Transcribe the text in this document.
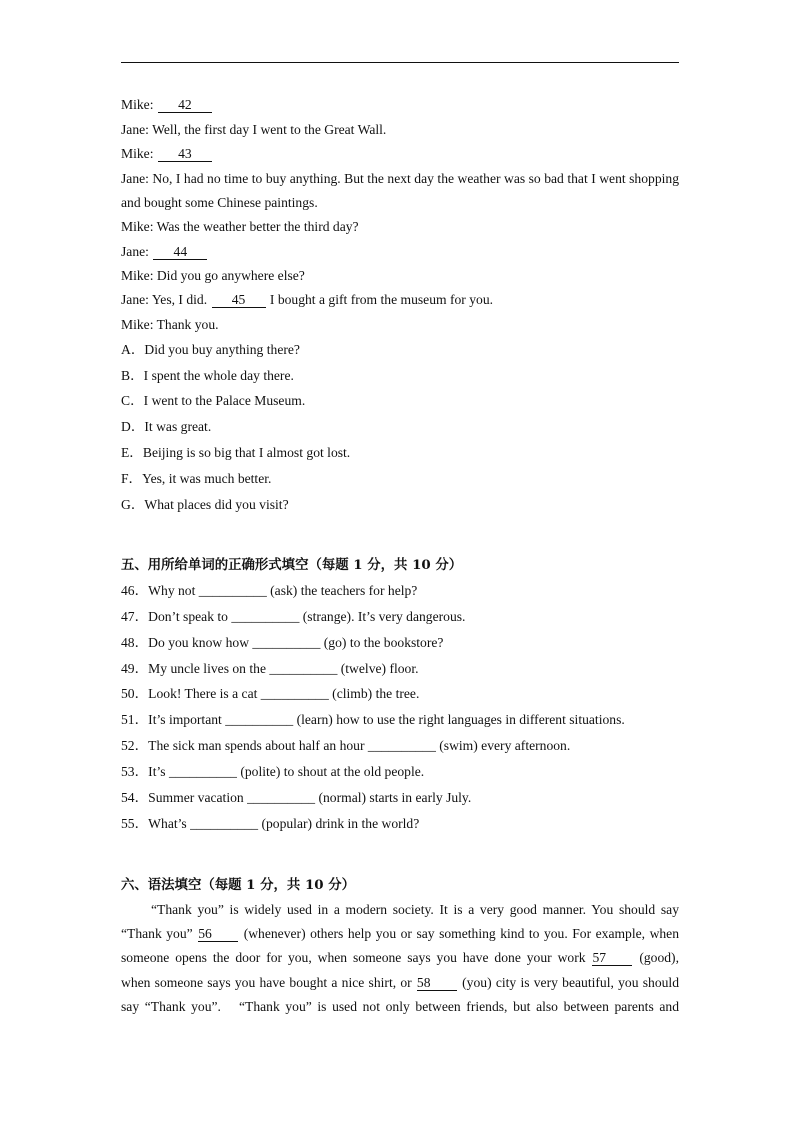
Mike: 42
Jane: Well, the first day I went to the Great Wall.
Mike: 43
Jane: No, I had no time to buy anything. But the next day the weather was so bad that I went shopping
and bought some Chinese paintings.
Mike: Was the weather better the third day?
Jane: 44
Mike: Did you go anywhere else?
Jane: Yes, I did. 45 I bought a gift from the museum for you.
Mike: Thank you.
A．Did you buy anything there?
B．I spent the whole day there.
C．I went to the Palace Museum.
D．It was great.
E．Beijing is so big that I almost got lost.
F．Yes, it was much better.
G．What places did you visit?
五、用所给单词的正确形式填空（每题 1 分，共 10 分）
46．Why not __________ (ask) the teachers for help?
47．Don’t speak to __________ (strange). It’s very dangerous.
48．Do you know how __________ (go) to the bookstore?
49．My uncle lives on the __________ (twelve) floor.
50．Look! There is a cat __________ (climb) the tree.
51．It’s important __________ (learn) how to use the right languages in different situations.
52．The sick man spends about half an hour __________ (swim) every afternoon.
53．It’s __________ (polite) to shout at the old people.
54．Summer vacation __________ (normal) starts in early July.
55．What’s __________ (popular) drink in the world?
六、语法填空（每题 1 分，共 10 分）
“Thank you” is widely used in a modern society. It is a very good manner. You should say
“Thank you” 56 (whenever) others help you or say something kind to you. For example, when
someone opens the door for you, when someone says you have done your work 57 (good),
when someone says you have bought a nice shirt, or 58 (you) city is very beautiful, you should
say “Thank you”.　“Thank you” is used not only between friends, but also between parents and
